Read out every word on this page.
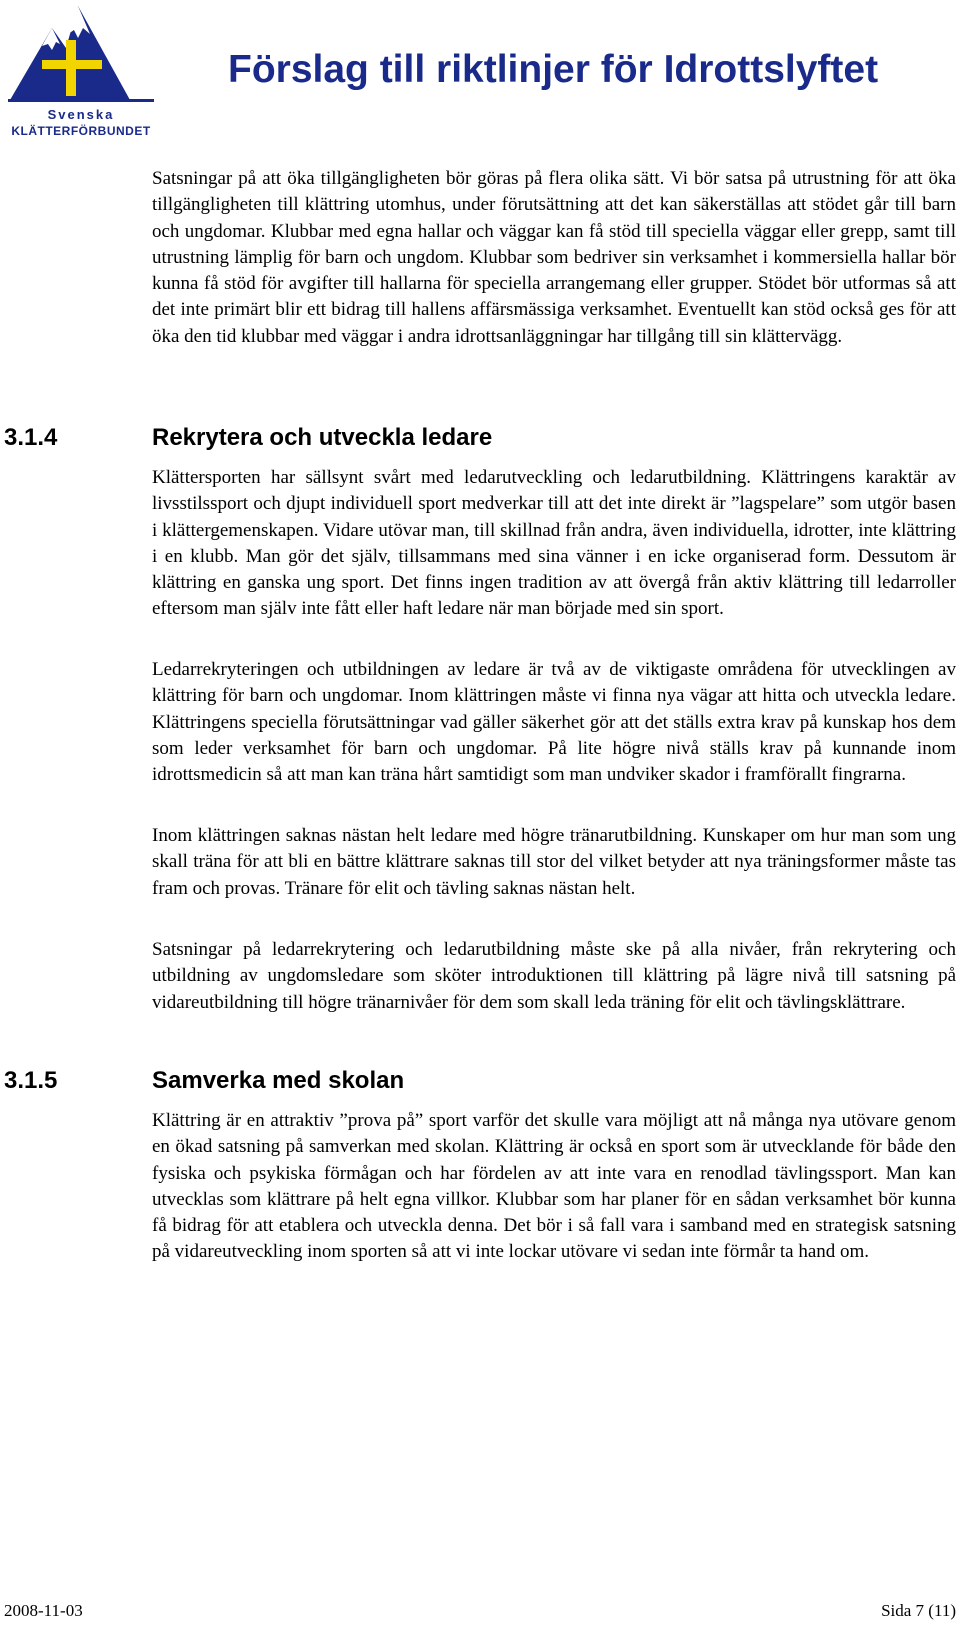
Svenska
KLÄTTERFÖRBUNDET
Förslag till riktlinjer för Idrottslyftet

Satsningar på att öka tillgängligheten bör göras på flera olika sätt. Vi bör satsa på utrustning för att öka tillgängligheten till klättring utomhus, under förutsättning att det kan säkerställas att stödet går till barn och ungdomar. Klubbar med egna hallar och väggar kan få stöd till speciella väggar eller grepp, samt till utrustning lämplig för barn och ungdom. Klubbar som bedriver sin verksamhet i kommersiella hallar bör kunna få stöd för avgifter till hallarna för speciella arrangemang eller grupper. Stödet bör utformas så att det inte primärt blir ett bidrag till hallens affärsmässiga verksamhet. Eventuellt kan stöd också ges för att öka den tid klubbar med väggar i andra idrottsanläggningar har tillgång till sin klättervägg.

3.1.4	Rekrytera och utveckla ledare

Klättersporten har sällsynt svårt med ledarutveckling och ledarutbildning. Klättringens karaktär av livsstilssport och djupt individuell sport medverkar till att det inte direkt är ”lagspelare” som utgör basen i klättergemenskapen. Vidare utövar man, till skillnad från andra, även individuella, idrotter, inte klättring i en klubb. Man gör det själv, tillsammans med sina vänner i en icke organiserad form. Dessutom är klättring en ganska ung sport. Det finns ingen tradition av att övergå från aktiv klättring till ledarroller eftersom man själv inte fått eller haft ledare när man började med sin sport.

Ledarrekryteringen och utbildningen av ledare är två av de viktigaste områdena för utvecklingen av klättring för barn och ungdomar. Inom klättringen måste vi finna nya vägar att hitta och utveckla ledare. Klättringens speciella förutsättningar vad gäller säkerhet gör att det ställs extra krav på kunskap hos dem som leder verksamhet för barn och ungdomar. På lite högre nivå ställs krav på kunnande inom idrottsmedicin så att man kan träna hårt samtidigt som man undviker skador i framförallt fingrarna.

Inom klättringen saknas nästan helt ledare med högre tränarutbildning. Kunskaper om hur man som ung skall träna för att bli en bättre klättrare saknas till stor del vilket betyder att nya träningsformer måste tas fram och provas. Tränare för elit och tävling saknas nästan helt.

Satsningar på ledarrekrytering och ledarutbildning måste ske på alla nivåer, från rekrytering och utbildning av ungdomsledare som sköter introduktionen till klättring på lägre nivå till satsning på vidareutbildning till högre tränarnivåer för dem som skall leda träning för elit och tävlingsklättrare.

3.1.5	Samverka med skolan

Klättring är en attraktiv ”prova på” sport varför det skulle vara möjligt att nå många nya utövare genom en ökad satsning på samverkan med skolan. Klättring är också en sport som är utvecklande för både den fysiska och psykiska förmågan och har fördelen av att inte vara en renodlad tävlingssport. Man kan utvecklas som klättrare på helt egna villkor. Klubbar som har planer för en sådan verksamhet bör kunna få bidrag för att etablera och utveckla denna. Det bör i så fall vara i samband med en strategisk satsning på vidareutveckling inom sporten så att vi inte lockar utövare vi sedan inte förmår ta hand om.

2008-11-03	Sida 7 (11)
